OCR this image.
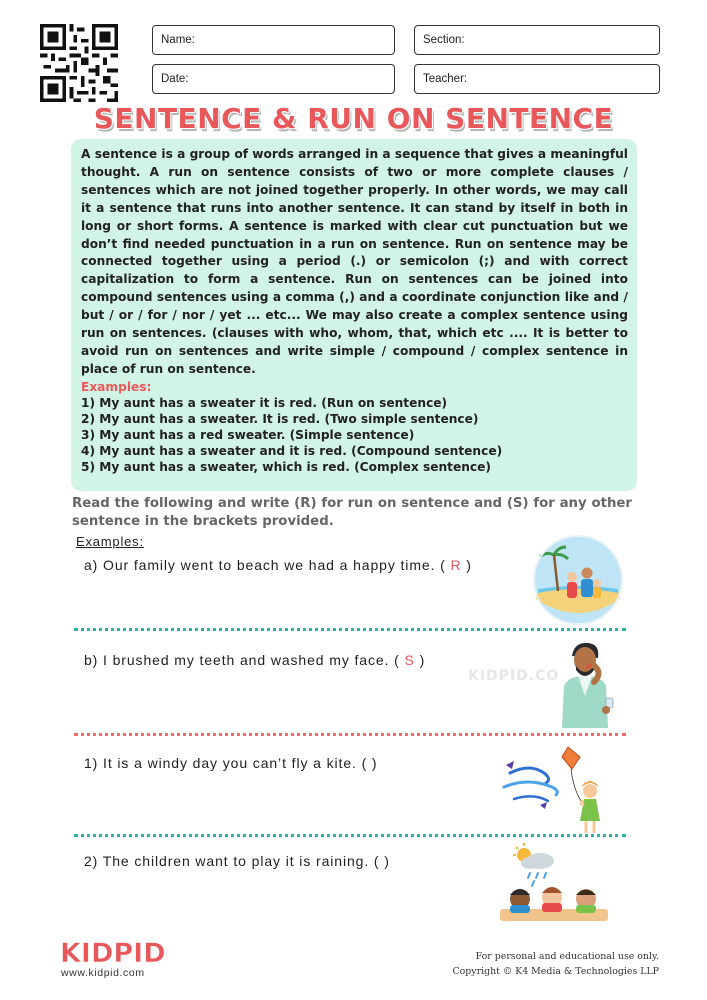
Name:	Section:
Date:	Teacher:
SENTENCE & RUN ON SENTENCE

A sentence is a group of words arranged in a sequence that gives a meaningful thought. A run on sentence consists of two or more complete clauses / sentences which are not joined together properly. In other words, we may call it a sentence that runs into another sentence. It can stand by itself in both in long or short forms. A sentence is marked with clear cut punctuation but we don’t find needed punctuation in a run on sentence. Run on sentence may be connected together using a period (.) or semicolon (;) and with correct capitalization to form a sentence. Run on sentences can be joined into compound sentences using a comma (,) and a coordinate conjunction like and / but / or / for / nor / yet ... etc... We may also create a complex sentence using run on sentences. (clauses with who, whom, that, which etc .... It is better to avoid run on sentences and write simple / compound / complex sentence in place of run on sentence.

Examples:
1) My aunt has a sweater it is red. (Run on sentence)
2) My aunt has a sweater. It is red. (Two simple sentence)
3) My aunt has a red sweater. (Simple sentence)
4) My aunt has a sweater and it is red. (Compound sentence)
5) My aunt has a sweater, which is red. (Complex sentence)
Read the following and write (R) for run on sentence and (S) for any other sentence in the brackets provided.
Examples:
a) Our family went to beach we had a happy time. ( R )
b) I brushed my teeth and washed my face. ( S )
1) It is a windy day you can’t fly a kite. ( )
2) The children want to play it is raining. ( )
KIDPID.CO
KIDPID
www.kidpid.com
For personal and educational use only.
Copyright © K4 Media & Technologies LLP
